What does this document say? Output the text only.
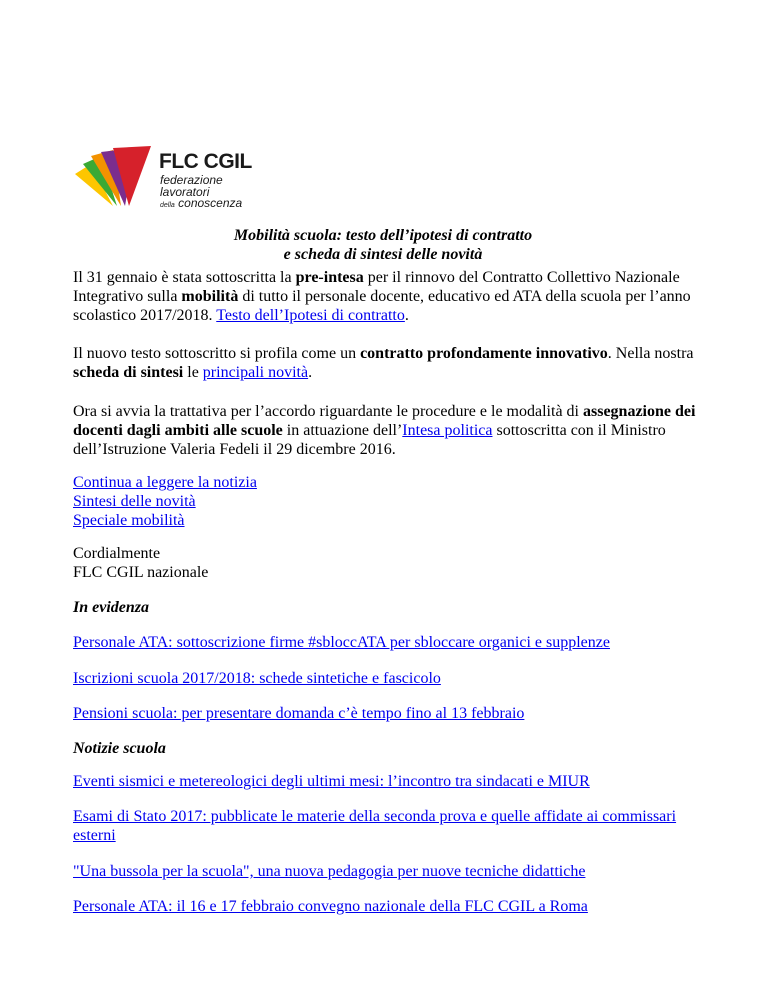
FLC CGIL
federazione
lavoratori
della conoscenza
Mobilità scuola: testo dell’ipotesi di contratto
e scheda di sintesi delle novità
Il 31 gennaio è stata sottoscritta la pre-intesa per il rinnovo del Contratto Collettivo Nazionale Integrativo sulla mobilità di tutto il personale docente, educativo ed ATA della scuola per l’anno scolastico 2017/2018. Testo dell’Ipotesi di contratto.
Il nuovo testo sottoscritto si profila come un contratto profondamente innovativo. Nella nostra scheda di sintesi le principali novità.
Ora si avvia la trattativa per l’accordo riguardante le procedure e le modalità di assegnazione dei docenti dagli ambiti alle scuole in attuazione dell’Intesa politica sottoscritta con il Ministro dell’Istruzione Valeria Fedeli il 29 dicembre 2016.
Continua a leggere la notizia
Sintesi delle novità
Speciale mobilità
Cordialmente
FLC CGIL nazionale
In evidenza
Personale ATA: sottoscrizione firme #sbloccATA per sbloccare organici e supplenze
Iscrizioni scuola 2017/2018: schede sintetiche e fascicolo
Pensioni scuola: per presentare domanda c’è tempo fino al 13 febbraio
Notizie scuola
Eventi sismici e metereologici degli ultimi mesi: l’incontro tra sindacati e MIUR
Esami di Stato 2017: pubblicate le materie della seconda prova e quelle affidate ai commissari esterni
"Una bussola per la scuola", una nuova pedagogia per nuove tecniche didattiche
Personale ATA: il 16 e 17 febbraio convegno nazionale della FLC CGIL a Roma
